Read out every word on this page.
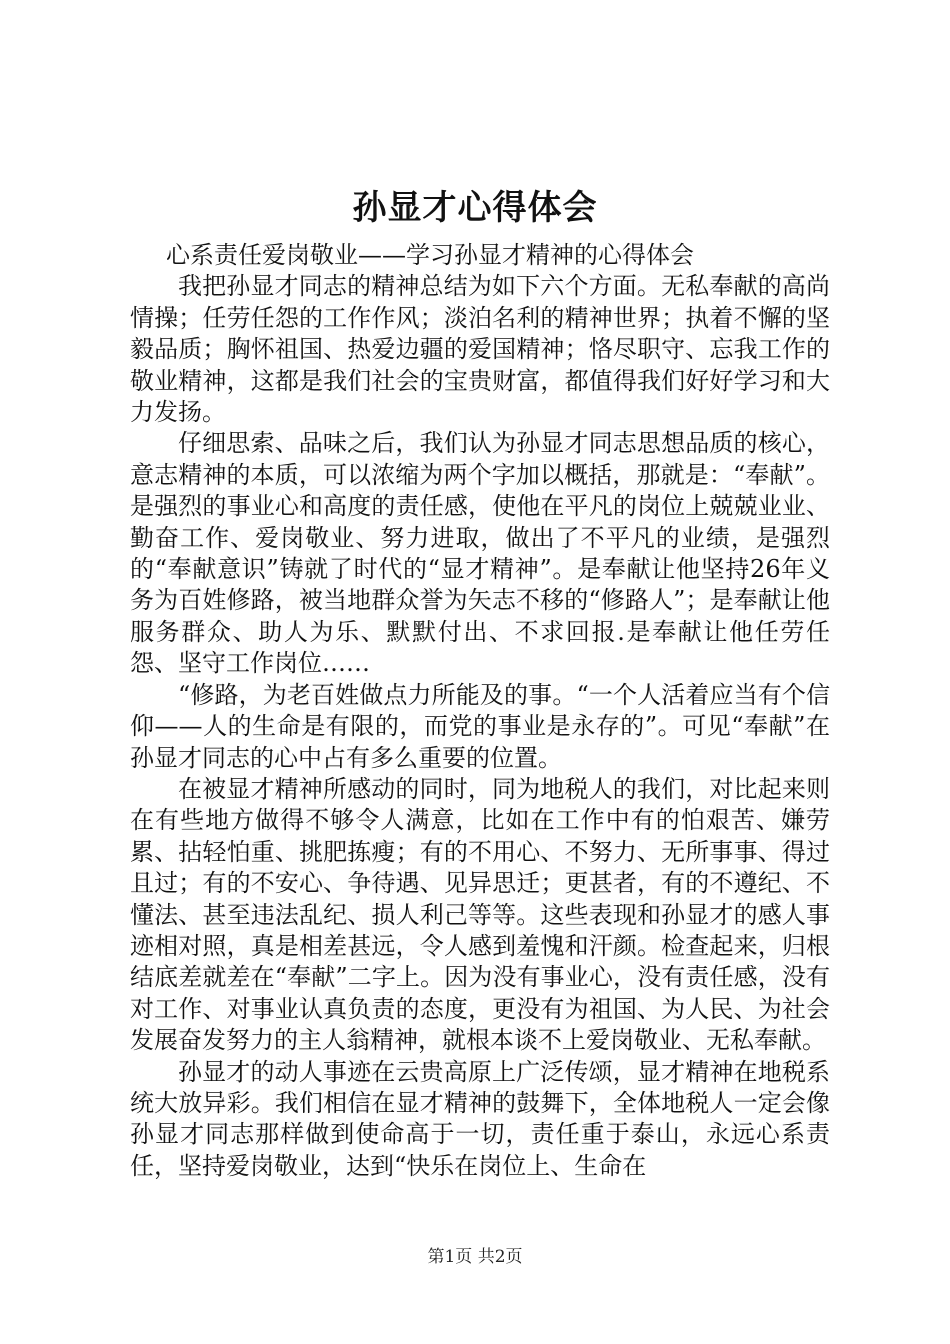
孙显才心得体会

心系责任爱岗敬业——学习孙显才精神的心得体会

我把孙显才同志的精神总结为如下六个方面。无私奉献的高尚情操；任劳任怨的工作作风；淡泊名利的精神世界；执着不懈的坚毅品质；胸怀祖国、热爱边疆的爱国精神；恪尽职守、忘我工作的敬业精神，这都是我们社会的宝贵财富，都值得我们好好学习和大力发扬。

仔细思索、品味之后，我们认为孙显才同志思想品质的核心，意志精神的本质，可以浓缩为两个字加以概括，那就是：“奉献”。是强烈的事业心和高度的责任感，使他在平凡的岗位上兢兢业业、勤奋工作、爱岗敬业、努力进取，做出了不平凡的业绩，是强烈的“奉献意识”铸就了时代的“显才精神”。是奉献让他坚持26年义务为百姓修路，被当地群众誉为矢志不移的“修路人”；是奉献让他服务群众、助人为乐、默默付出、不求回报.是奉献让他任劳任怨、坚守工作岗位……

“修路，为老百姓做点力所能及的事。“一个人活着应当有个信仰——人的生命是有限的，而党的事业是永存的”。可见“奉献”在孙显才同志的心中占有多么重要的位置。

在被显才精神所感动的同时，同为地税人的我们，对比起来则在有些地方做得不够令人满意，比如在工作中有的怕艰苦、嫌劳累、拈轻怕重、挑肥拣瘦；有的不用心、不努力、无所事事、得过且过；有的不安心、争待遇、见异思迁；更甚者，有的不遵纪、不懂法、甚至违法乱纪、损人利己等等。这些表现和孙显才的感人事迹相对照，真是相差甚远，令人感到羞愧和汗颜。检查起来，归根结底差就差在“奉献”二字上。因为没有事业心，没有责任感，没有对工作、对事业认真负责的态度，更没有为祖国、为人民、为社会发展奋发努力的主人翁精神，就根本谈不上爱岗敬业、无私奉献。

孙显才的动人事迹在云贵高原上广泛传颂，显才精神在地税系统大放异彩。我们相信在显才精神的鼓舞下，全体地税人一定会像孙显才同志那样做到使命高于一切，责任重于泰山，永远心系责任，坚持爱岗敬业，达到“快乐在岗位上、生命在

第1页 共2页
